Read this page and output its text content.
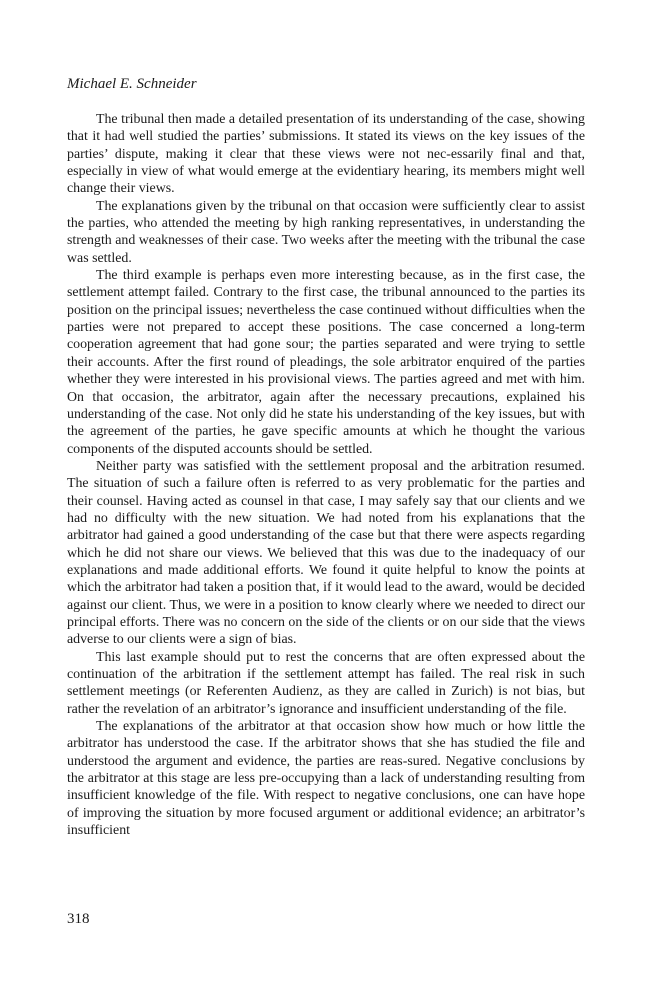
Michael E. Schneider

The tribunal then made a detailed presentation of its understanding of the case, showing that it had well studied the parties’ submissions. It stated its views on the key issues of the parties’ dispute, making it clear that these views were not nec-essarily final and that, especially in view of what would emerge at the evidentiary hearing, its members might well change their views.

The explanations given by the tribunal on that occasion were sufficiently clear to assist the parties, who attended the meeting by high ranking representatives, in understanding the strength and weaknesses of their case. Two weeks after the meeting with the tribunal the case was settled.

The third example is perhaps even more interesting because, as in the first case, the settlement attempt failed. Contrary to the first case, the tribunal announced to the parties its position on the principal issues; nevertheless the case continued without difficulties when the parties were not prepared to accept these positions. The case concerned a long-term cooperation agreement that had gone sour; the parties separated and were trying to settle their accounts. After the first round of pleadings, the sole arbitrator enquired of the parties whether they were interested in his provisional views. The parties agreed and met with him. On that occasion, the arbitrator, again after the necessary precautions, explained his understanding of the case. Not only did he state his understanding of the key issues, but with the agreement of the parties, he gave specific amounts at which he thought the various components of the disputed accounts should be settled.

Neither party was satisfied with the settlement proposal and the arbitration resumed. The situation of such a failure often is referred to as very problematic for the parties and their counsel. Having acted as counsel in that case, I may safely say that our clients and we had no difficulty with the new situation. We had noted from his explanations that the arbitrator had gained a good understanding of the case but that there were aspects regarding which he did not share our views. We believed that this was due to the inadequacy of our explanations and made additional efforts. We found it quite helpful to know the points at which the arbitrator had taken a position that, if it would lead to the award, would be decided against our client. Thus, we were in a position to know clearly where we needed to direct our principal efforts. There was no concern on the side of the clients or on our side that the views adverse to our clients were a sign of bias.

This last example should put to rest the concerns that are often expressed about the continuation of the arbitration if the settlement attempt has failed. The real risk in such settlement meetings (or Referenten Audienz, as they are called in Zurich) is not bias, but rather the revelation of an arbitrator’s ignorance and insufficient understanding of the file.

The explanations of the arbitrator at that occasion show how much or how little the arbitrator has understood the case. If the arbitrator shows that she has studied the file and understood the argument and evidence, the parties are reas-sured. Negative conclusions by the arbitrator at this stage are less pre-occupying than a lack of understanding resulting from insufficient knowledge of the file. With respect to negative conclusions, one can have hope of improving the situation by more focused argument or additional evidence; an arbitrator’s insufficient

318
